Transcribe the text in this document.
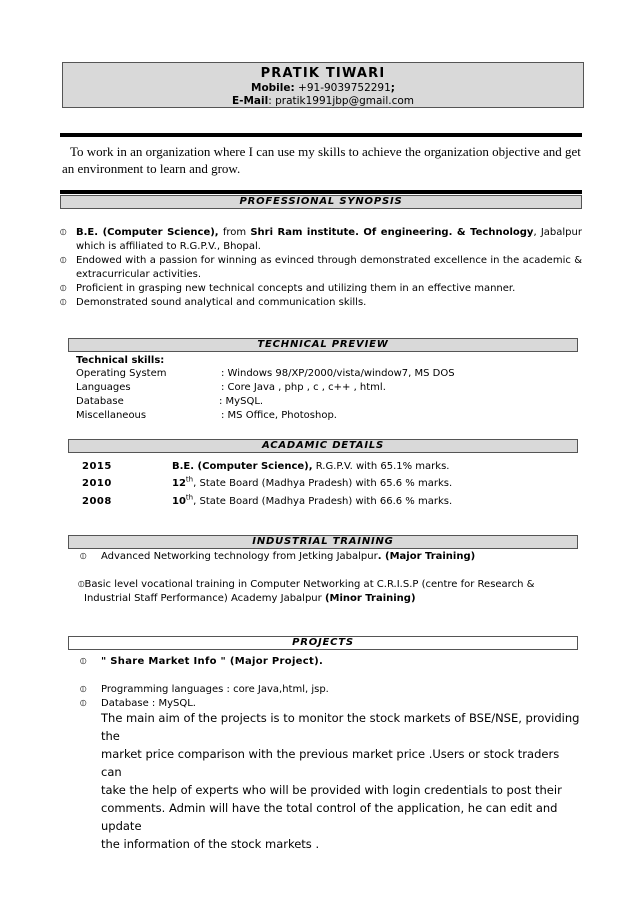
PRATIK TIWARI
Mobile: +91-9039752291;
E-Mail: pratik1991jbp@gmail.com
To work in an organization where I can use my skills to achieve the organization objective and get an environment to learn and grow.
PROFESSIONAL SYNOPSIS
⦶ B.E. (Computer Science), from Shri Ram institute. Of engineering. & Technology, Jabalpur
which is affiliated to R.G.P.V., Bhopal.
⦶ Endowed with a passion for winning as evinced through demonstrated excellence in the academic &
extracurricular activities.
⦶ Proficient in grasping new technical concepts and utilizing them in an effective manner.
⦶ Demonstrated sound analytical and communication skills.
TECHNICAL PREVIEW
Technical skills:
Operating System	: Windows 98/XP/2000/vista/window7, MS DOS
Languages	: Core Java , php , c , c++ , html.
Database	: MySQL.
Miscellaneous	: MS Office, Photoshop.
ACADAMIC DETAILS
2015	B.E. (Computer Science), R.G.P.V. with 65.1% marks.
2010	12th, State Board (Madhya Pradesh) with 65.6 % marks.
2008	10th, State Board (Madhya Pradesh) with 66.6 % marks.
INDUSTRIAL TRAINING
⦶ Advanced Networking technology from Jetking Jabalpur. (Major Training)
⦶Basic level vocational training in Computer Networking at C.R.I.S.P (centre for Research &
Industrial Staff Performance) Academy Jabalpur (Minor Training)
PROJECTS
⦶ " Share Market Info " (Major Project).
⦶ Programming languages : core Java,html, jsp.
⦶ Database : MySQL.
The main aim of the projects is to monitor the stock markets of BSE/NSE, providing the
market price comparison with the previous market price .Users or stock traders can
take the help of experts who will be provided with login credentials to post their
comments. Admin will have the total control of the application, he can edit and update
the information of the stock markets .
